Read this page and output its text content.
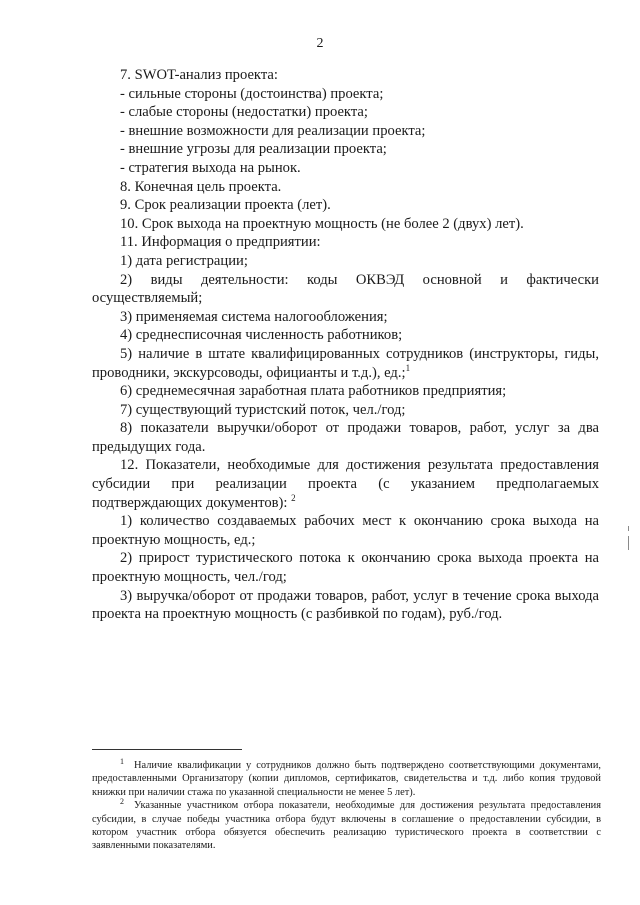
2

7. SWOT-анализ проекта:

- сильные стороны (достоинства) проекта;

- слабые стороны (недостатки) проекта;

- внешние возможности для реализации проекта;

- внешние угрозы для реализации проекта;

- стратегия выхода на рынок.

8. Конечная цель проекта.

9. Срок реализации проекта (лет).

10. Срок выхода на проектную мощность (не более 2 (двух) лет).

11. Информация о предприятии:

1) дата регистрации;

2) виды деятельности: коды ОКВЭД основной и фактически осуществляемый;

3) применяемая система налогообложения;

4) среднесписочная численность работников;

5) наличие в штате квалифицированных сотрудников (инструкторы, гиды, проводники, экскурсоводы, официанты и т.д.), ед.;$^1$

6) среднемесячная заработная плата работников предприятия;

7) существующий туристский поток, чел./год;

8) показатели выручки/оборот от продажи товаров, работ, услуг за два предыдущих года.

12. Показатели, необходимые для достижения результата предоставления субсидии при реализации проекта (с указанием предполагаемых подтверждающих документов): $^2$

1) количество создаваемых рабочих мест к окончанию срока выхода на проектную мощность, ед.;

2) прирост туристического потока к окончанию срока выхода проекта на проектную мощность, чел./год;

3) выручка/оборот от продажи товаров, работ, услуг в течение срока выхода проекта на проектную мощность (с разбивкой по годам), руб./год.

$^1$ Наличие квалификации у сотрудников должно быть подтверждено соответствующими документами, предоставленными Организатору (копии дипломов, сертификатов, свидетельства и т.д. либо копия трудовой книжки при наличии стажа по указанной специальности не менее 5 лет).

$^2$ Указанные участником отбора показатели, необходимые для достижения результата предоставления субсидии, в случае победы участника отбора будут включены в соглашение о предоставлении субсидии, в котором участник отбора обязуется обеспечить реализацию туристического проекта в соответствии с заявленными показателями.
